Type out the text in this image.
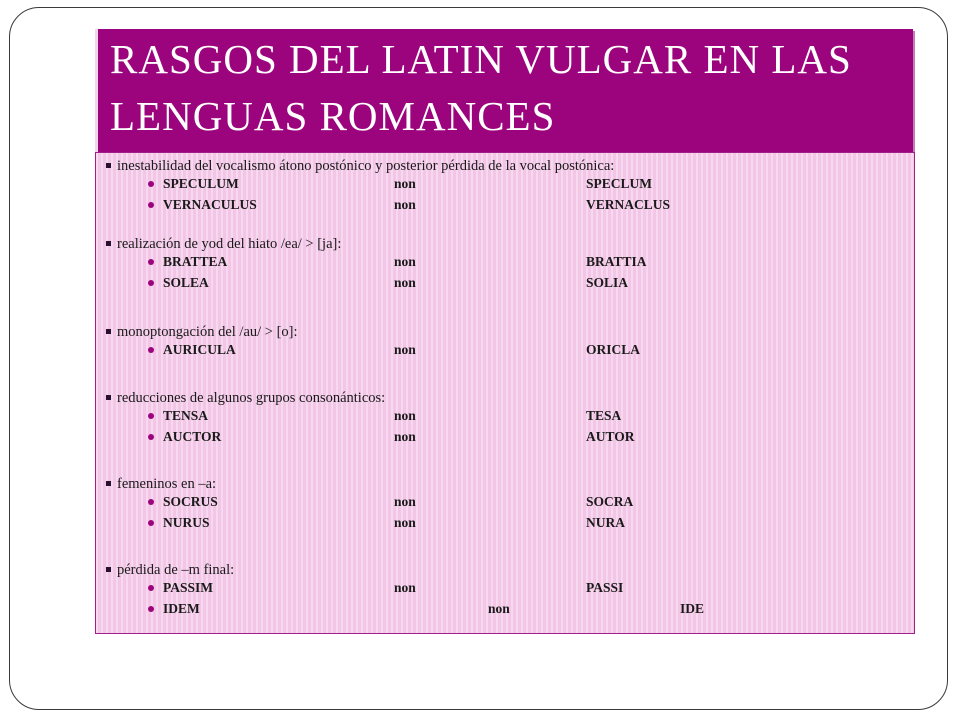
RASGOS DEL LATIN VULGAR EN LAS LENGUAS ROMANCES
inestabilidad del vocalismo átono postónico y posterior pérdida de la vocal postónica:
SPECULUM	non	SPECLUM
VERNACULUS	non	VERNACLUS
realización de yod del hiato /ea/ > [ja]:
BRATTEA	non	BRATTIA
SOLEA	non	SOLIA
monoptongación del /au/ > [o]:
AURICULA	non	ORICLA
reducciones de algunos grupos consonánticos:
TENSA	non	TESA
AUCTOR	non	AUTOR
femeninos en –a:
SOCRUS	non	SOCRA
NURUS	non	NURA
pérdida de –m final:
PASSIM	non	PASSI
IDEM	non	IDE
